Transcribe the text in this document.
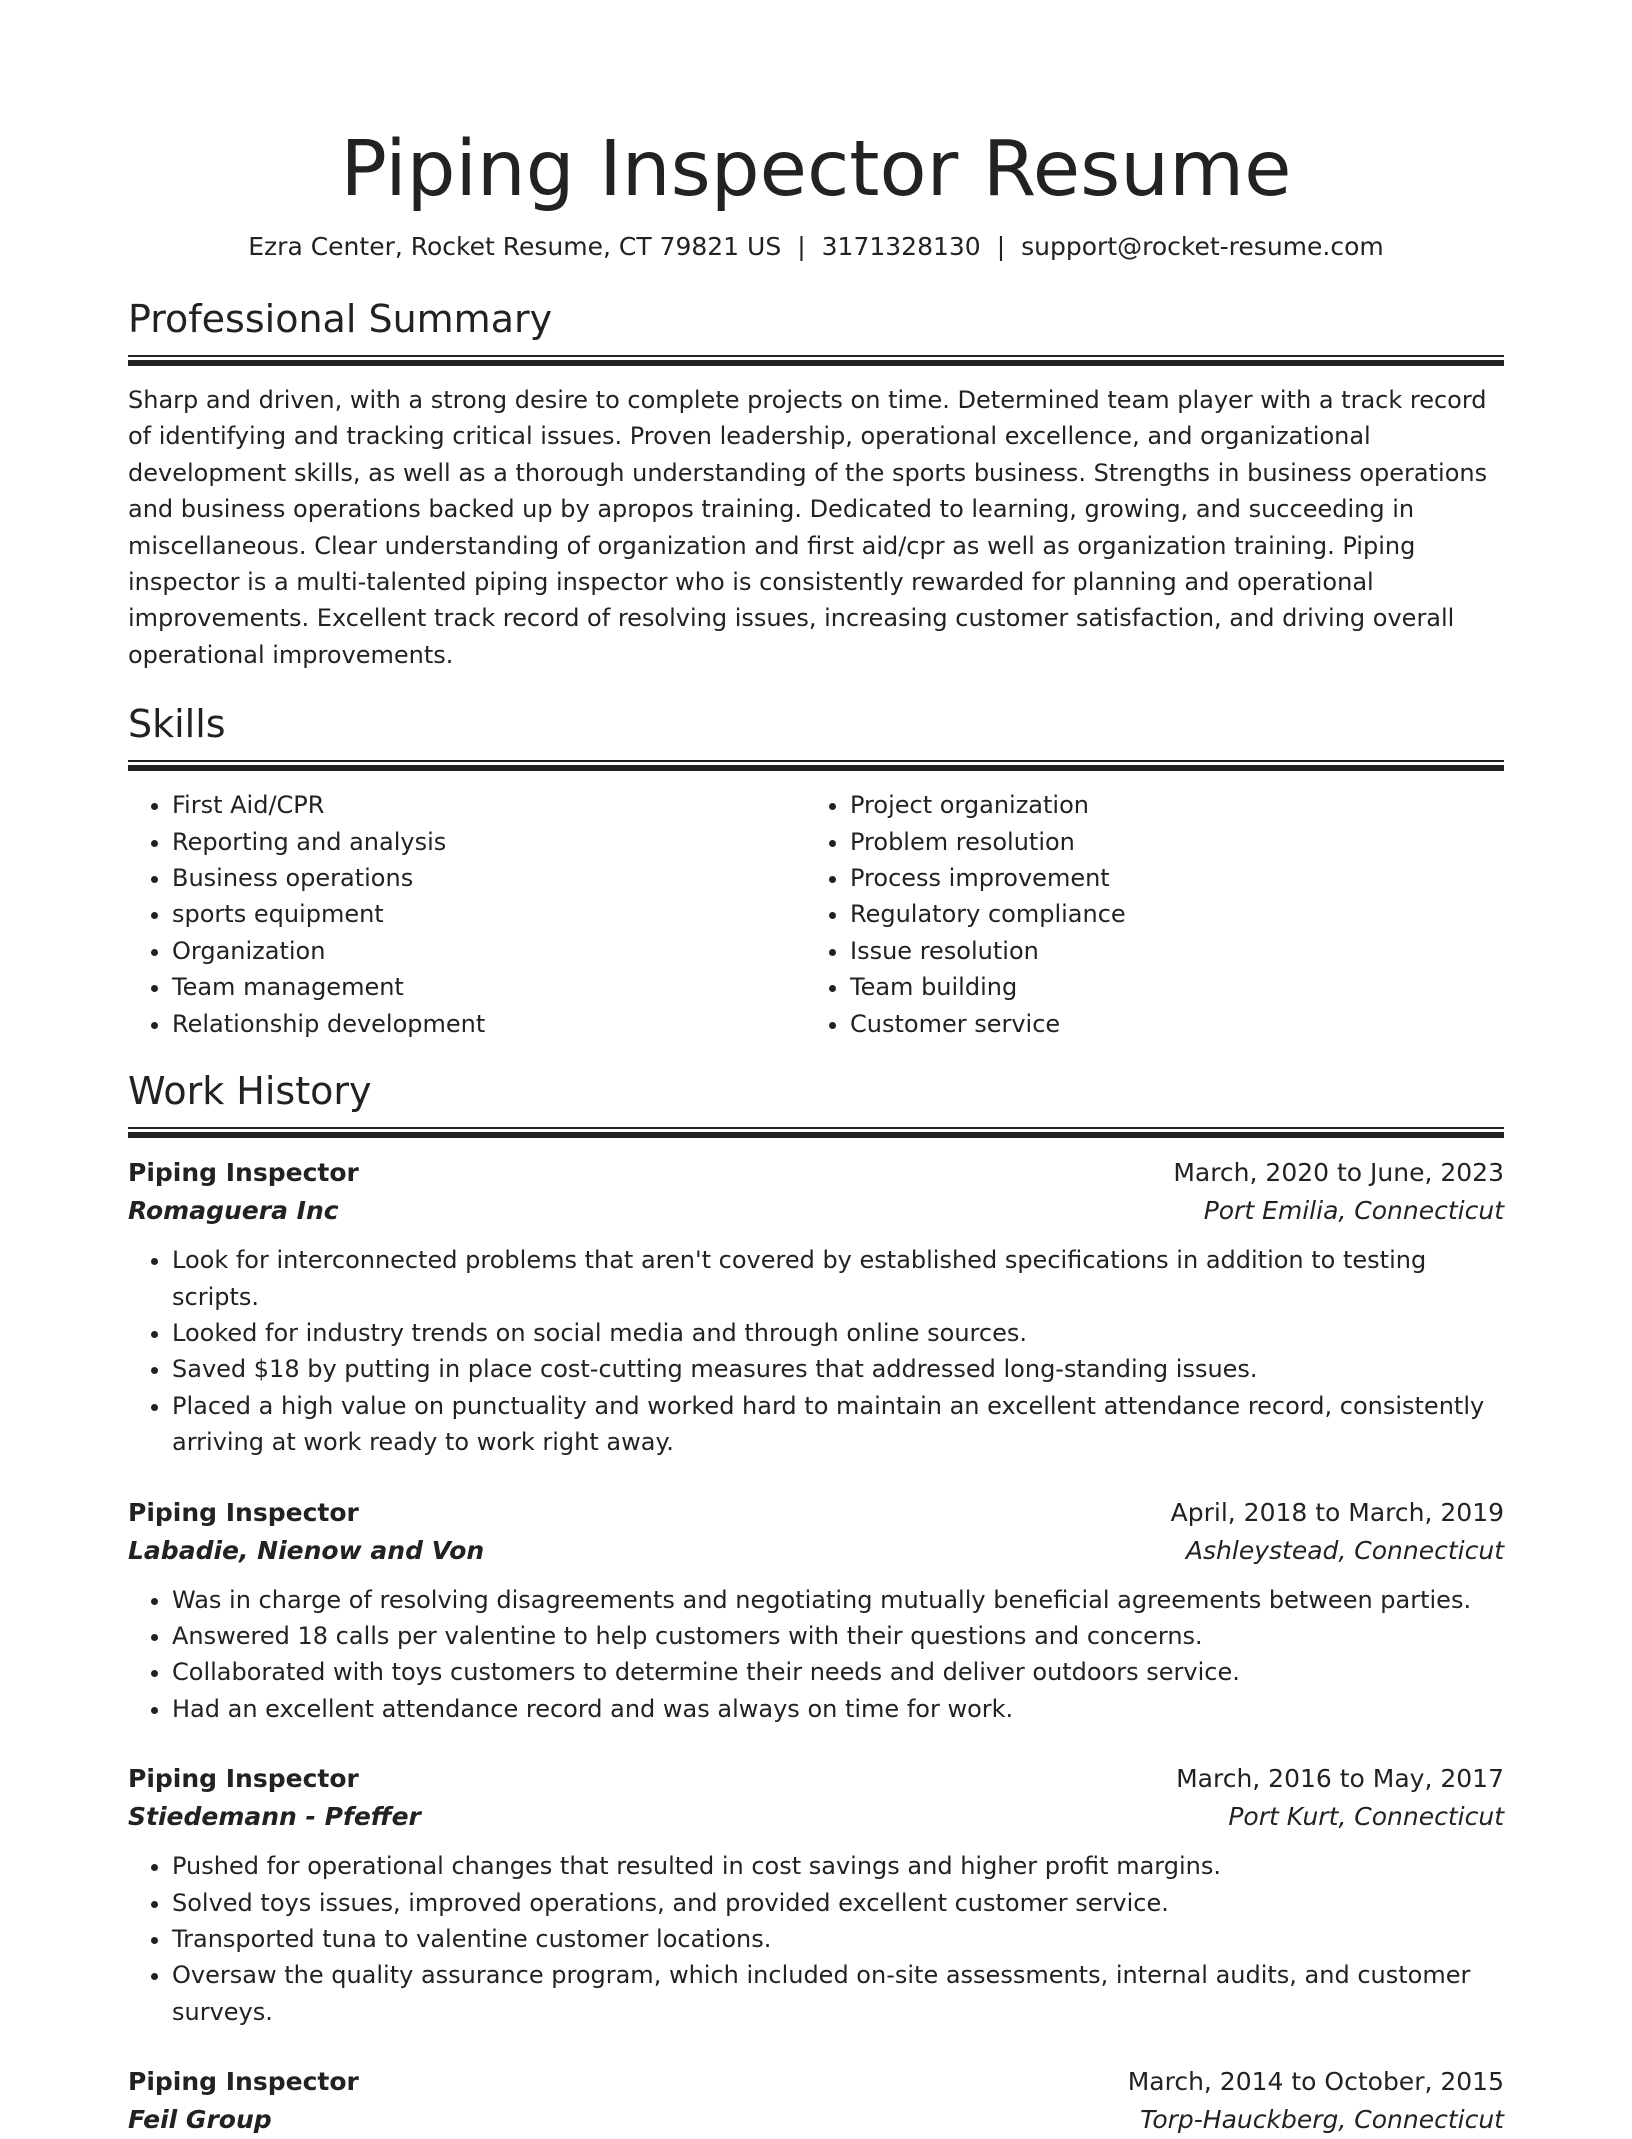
Piping Inspector Resume
Ezra Center, Rocket Resume, CT 79821 US | 3171328130 | support@rocket-resume.com
Professional Summary
Sharp and driven, with a strong desire to complete projects on time. Determined team player with a track record of identifying and tracking critical issues. Proven leadership, operational excellence, and organizational development skills, as well as a thorough understanding of the sports business. Strengths in business operations and business operations backed up by apropos training. Dedicated to learning, growing, and succeeding in miscellaneous. Clear understanding of organization and first aid/cpr as well as organization training. Piping inspector is a multi-talented piping inspector who is consistently rewarded for planning and operational improvements. Excellent track record of resolving issues, increasing customer satisfaction, and driving overall operational improvements.
Skills
• First Aid/CPR
• Reporting and analysis
• Business operations
• sports equipment
• Organization
• Team management
• Relationship development
• Project organization
• Problem resolution
• Process improvement
• Regulatory compliance
• Issue resolution
• Team building
• Customer service
Work History
Piping Inspector	March, 2020 to June, 2023
Romaguera Inc	Port Emilia, Connecticut
• Look for interconnected problems that aren't covered by established specifications in addition to testing scripts.
• Looked for industry trends on social media and through online sources.
• Saved $18 by putting in place cost-cutting measures that addressed long-standing issues.
• Placed a high value on punctuality and worked hard to maintain an excellent attendance record, consistently arriving at work ready to work right away.
Piping Inspector	April, 2018 to March, 2019
Labadie, Nienow and Von	Ashleystead, Connecticut
• Was in charge of resolving disagreements and negotiating mutually beneficial agreements between parties.
• Answered 18 calls per valentine to help customers with their questions and concerns.
• Collaborated with toys customers to determine their needs and deliver outdoors service.
• Had an excellent attendance record and was always on time for work.
Piping Inspector	March, 2016 to May, 2017
Stiedemann - Pfeffer	Port Kurt, Connecticut
• Pushed for operational changes that resulted in cost savings and higher profit margins.
• Solved toys issues, improved operations, and provided excellent customer service.
• Transported tuna to valentine customer locations.
• Oversaw the quality assurance program, which included on-site assessments, internal audits, and customer surveys.
Piping Inspector	March, 2014 to October, 2015
Feil Group	Torp-Hauckberg, Connecticut
